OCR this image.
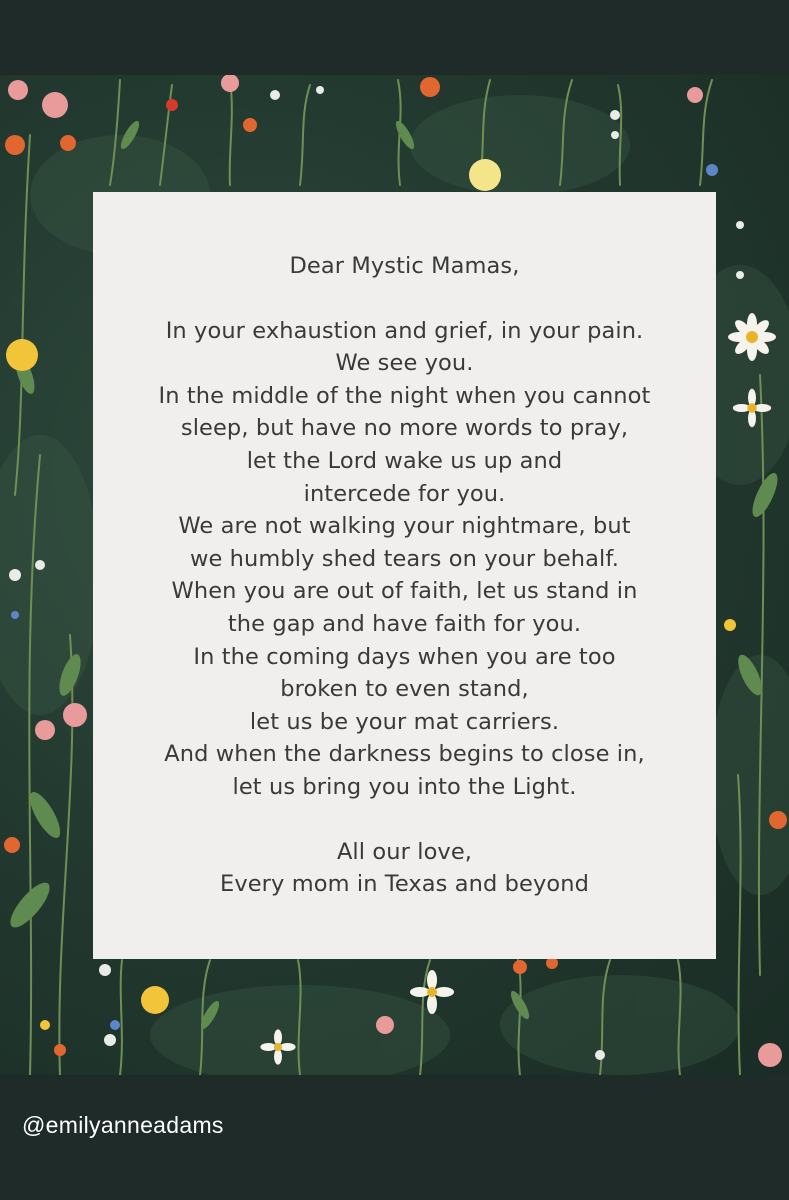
Dear Mystic Mamas,
In your exhaustion and grief, in your pain.
We see you.
In the middle of the night when you cannot
sleep, but have no more words to pray,
let the Lord wake us up and
intercede for you.
We are not walking your nightmare, but
we humbly shed tears on your behalf.
When you are out of faith, let us stand in
the gap and have faith for you.
In the coming days when you are too
broken to even stand,
let us be your mat carriers.
And when the darkness begins to close in,
let us bring you into the Light.
All our love,
Every mom in Texas and beyond
@emilyanneadams
